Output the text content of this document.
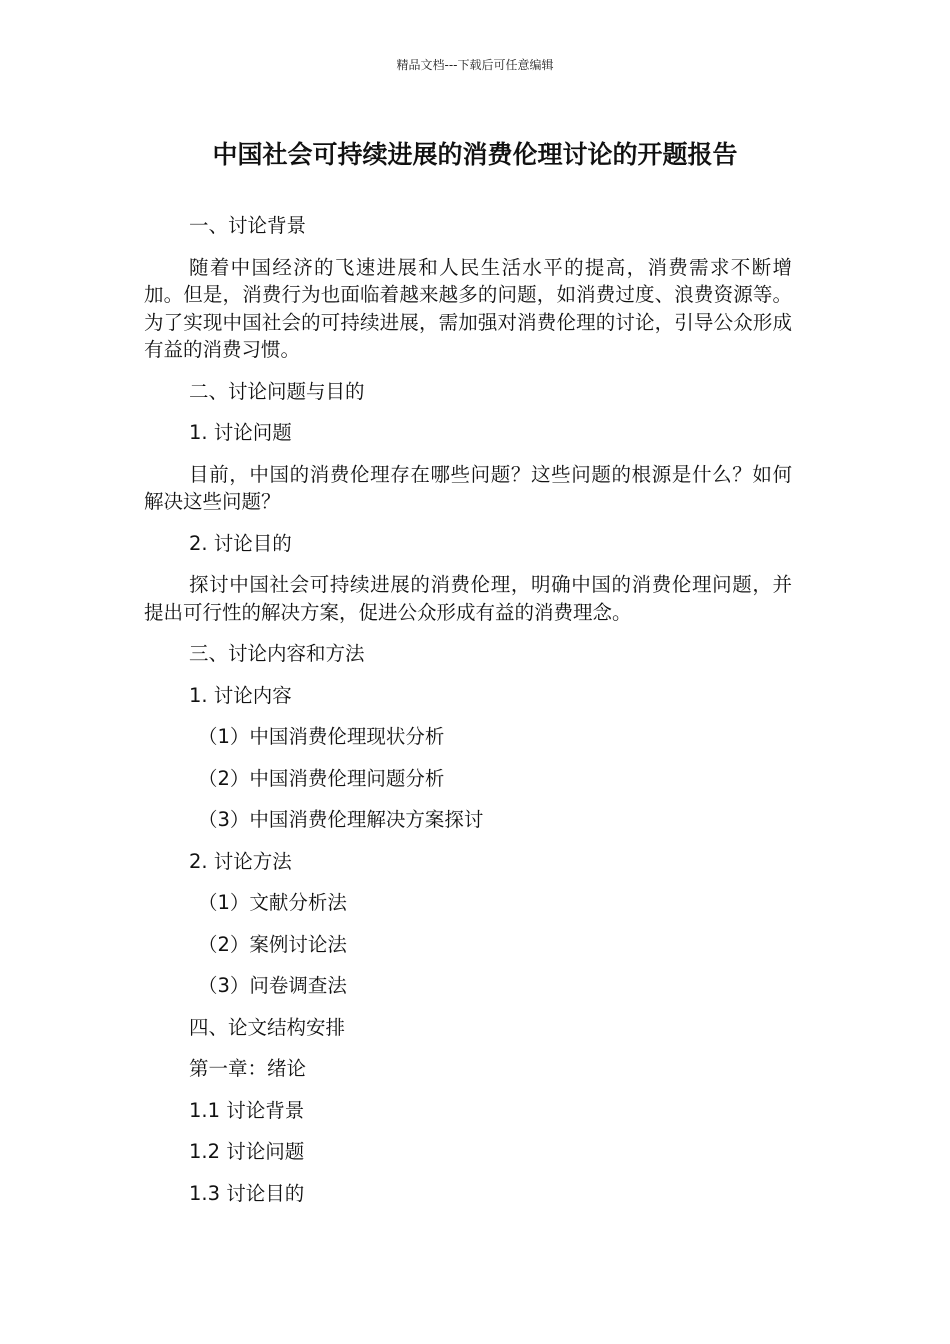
精品文档---下载后可任意编辑
中国社会可持续进展的消费伦理讨论的开题报告

一、讨论背景

随着中国经济的飞速进展和人民生活水平的提高，消费需求不断增加。但是，消费行为也面临着越来越多的问题，如消费过度、浪费资源等。为了实现中国社会的可持续进展，需加强对消费伦理的讨论，引导公众形成有益的消费习惯。

二、讨论问题与目的

1. 讨论问题

目前，中国的消费伦理存在哪些问题？这些问题的根源是什么？如何解决这些问题？

2. 讨论目的

探讨中国社会可持续进展的消费伦理，明确中国的消费伦理问题，并提出可行性的解决方案，促进公众形成有益的消费理念。

三、讨论内容和方法

1. 讨论内容

（1）中国消费伦理现状分析

（2）中国消费伦理问题分析

（3）中国消费伦理解决方案探讨

2. 讨论方法

（1）文献分析法

（2）案例讨论法

（3）问卷调查法

四、论文结构安排

第一章：绪论

1.1 讨论背景

1.2 讨论问题

1.3 讨论目的
